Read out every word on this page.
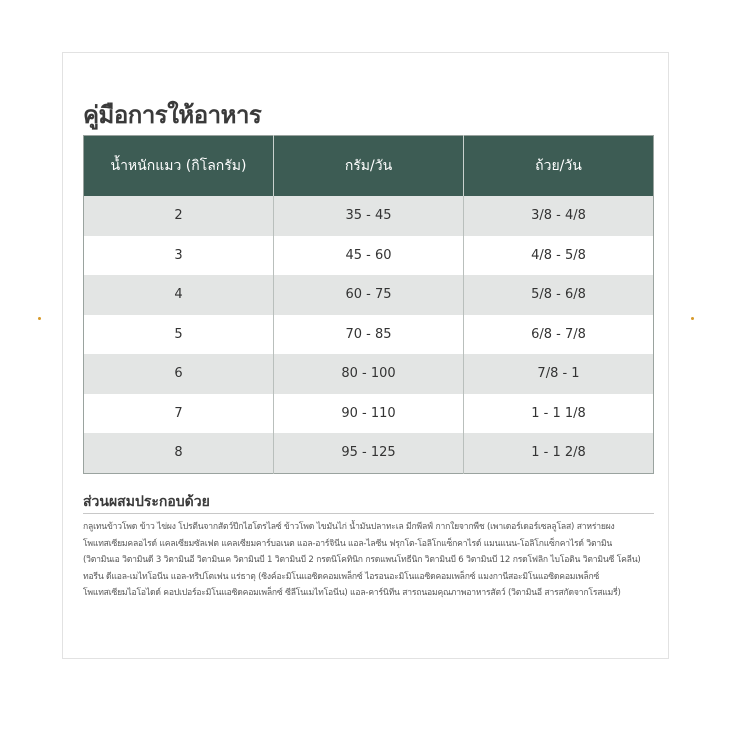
คู่มือการให้อาหาร
น้ำหนักแมว (กิโลกรัม)	กรัม/วัน	ถ้วย/วัน
2	35 - 45	3/8 - 4/8
3	45 - 60	4/8 - 5/8
4	60 - 75	5/8 - 6/8
5	70 - 85	6/8 - 7/8
6	80 - 100	7/8 - 1
7	90 - 110	1 - 1 1/8
8	95 - 125	1 - 1 2/8
ส่วนผสมประกอบด้วย
กลูเทนข้าวโพด ข้าว ไข่ผง โปรตีนจากสัตว์ปีกไฮโดรไลซ์ ข้าวโพด ไขมันไก่ น้ำมันปลาทะเล มีกพีลฟ์ กากใยจากพืช (เพาเดอร์เดอร์เซลลูโลส) สาหร่ายผง
โพแทสเซียมคลอไรด์ แคลเซียมซัลเฟต แคลเซียมคาร์บอเนต แอล-อาร์จินีน แอล-ไลซีน ฟรุกโต-โอลิโกแซ็กคาไรด์ แมนแนน-โอลิโกแซ็กคาไรด์ วิตามิน
(วิตามินเอ วิตามินดี 3 วิตามินอี วิตามินเค วิตามินบี 1 วิตามินบี 2 กรดนิโคทินิก กรดแพนโทธีนิก วิตามินบี 6 วิตามินบี 12 กรดโฟลิก ไบโอติน วิตามินซี โคลีน)
ทอรีน ดีแอล-เมไทโอนีน แอล-ทริปโตเฟน แร่ธาตุ (ซิงค์อะมิโนแอซิดคอมเพล็กซ์ ไอรอนอะมิโนแอซิดคอมเพล็กซ์ แมงกานีสอะมิโนแอซิดคอมเพล็กซ์
โพแทสเซียมไอโอไดด์ คอปเปอร์อะมิโนแอซิดคอมเพล็กซ์ ซีลีโนเมไทโอนีน) แอล-คาร์นิทีน สารถนอมคุณภาพอาหารสัตว์ (วิตามินอี สารสกัดจากโรสแมรี่)
